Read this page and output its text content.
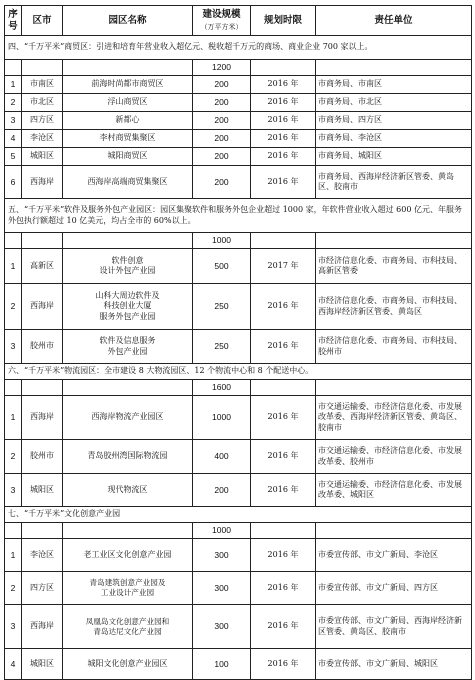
序号	区市	园区名称	建设规模
（万平方米）	规划时限	责任单位
四、“千万平米”商贸区：引进和培育年营业收入超亿元、税收超千万元的商场、商业企业 700 家以上。					
			1200		
1	市南区	前海时尚都市商贸区	200	2016 年	市商务局、市南区
2	市北区	浮山商贸区	200	2016 年	市商务局、市北区
3	四方区	新都心	200	2016 年	市商务局、四方区
4	李沧区	李村商贸集聚区	200	2016 年	市商务局、李沧区
5	城阳区	城阳商贸区	200	2016 年	市商务局、城阳区
6	西海岸	西海岸高端商贸集聚区	200	2016 年	市商务局、西海岸经济新区管委、黄岛区、胶南市
五、“千万平米”软件及服务外包产业园区：园区集聚软件和服务外包企业超过 1000 家，年软件营业收入超过 600 亿元、年服务外包执行额超过 10 亿美元，均占全市的 60%以上。					
			1000		
1	高新区	软件创意
设计外包产业园	500	2017 年	市经济信息化委、市商务局、市科技局、高新区管委
2	西海岸	山科大周边软件及
科技创业大厦
服务外包产业园	250	2016 年	市经济信息化委、市商务局、市科技局、西海岸经济新区管委、黄岛区
3	胶州市	软件及信息服务
外包产业园	250	2016 年	市经济信息化委、市商务局、市科技局、胶州市
六、“千万平米”物流园区：全市建设 8 大物流园区、12 个物流中心和 8 个配送中心。					
			1600		
1	西海岸	西海岸物流产业园区	1000	2016 年	市交通运输委、市经济信息化委、市发展改革委、西海岸经济新区管委、黄岛区、胶南市
2	胶州市	青岛胶州湾国际物流园	400	2016 年	市交通运输委、市经济信息化委、市发展改革委、胶州市
3	城阳区	现代物流区	200	2016 年	市交通运输委、市经济信息化委、市发展改革委、城阳区
七、“千万平米”文化创意产业园					
			1000		
1	李沧区	老工业区文化创意产业园	300	2016 年	市委宣传部、市文广新局、李沧区
2	四方区	青岛建筑创意产业园及
工业设计产业园	300	2016 年	市委宣传部、市文广新局、四方区
3	西海岸	凤凰岛文化创意产业园和
青岛达尼文化产业园	300	2016 年	市委宣传部、市文广新局、西海岸经济新区管委、黄岛区、胶南市
4	城阳区	城阳文化创意产业园区	100	2016 年	市委宣传部、市文广新局、城阳区
